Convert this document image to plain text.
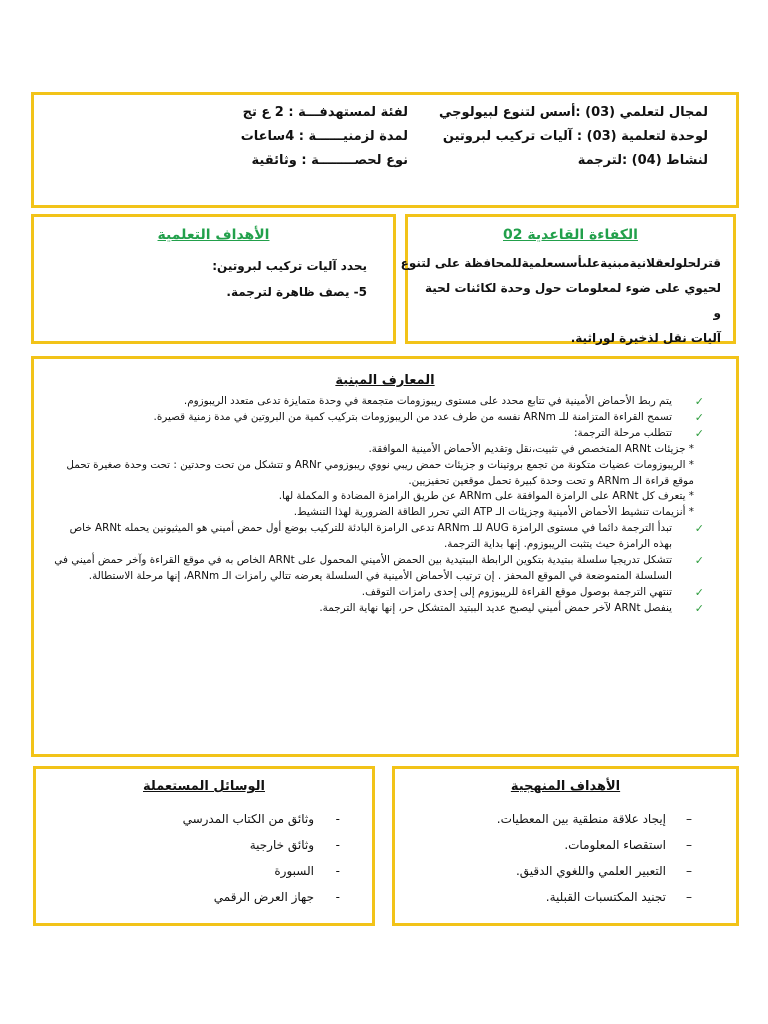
لمجال لتعلمي (03) :أسس لتنوع لبيولوجي
لفئة لمستهدفـــة : 2 ع تج
لوحدة لتعلمية (03) : آليات تركيب لبروتين
لمدة لزمنيــــــة : 4ساعات
لنشاط (04) :لترجمة
نوع لحصــــــــة : وثائقية
الكفاءة القاعدية 02
قترلحلولعقلانيةمبنيةعلىأسسعلميةللمحافظة على لتنوع
لحيوي على ضوء لمعلومات حول وحدة لكائنات لحية و
آليات نقل لذخيرة لوراثية.
الأهداف التعلمية
يحدد آليات تركيب لبروتين:
5- يصف ظاهرة لترجمة.
المعارف المبنية
✓ يتم ربط الأحماض الأمينية في تتابع محدد على مستوى ريبوزومات متجمعة في وحدة متمايزة تدعى متعدد الريبوزوم.
✓ تسمح القراءة المتزامنة للـ ARNm نفسه من طرف عدد من الريبوزومات بتركيب كمية من البروتين في مدة زمنية قصيرة.
✓ تتطلب مرحلة الترجمة:
* جزيئات ARNt المتخصص في تثبيت،نقل وتقديم الأحماض الأمينية الموافقة.
* الريبوزومات عضيات متكونة من تجمع بروتينات و جزيئات حمض ريبي نووي ريبوزومي ARNr و تتشكل من تحت وحدتين : تحت وحدة صغيرة تحمل موقع قراءة الـ ARNm و تحت وحدة كبيرة تحمل موقعين تحفيزيين.
* يتعرف كل ARNt على الرامزة الموافقة على ARNm عن طريق الرامزة المضادة و المكملة لها.
* أنزيمات تنشيط الأحماض الأمينية وجزيئات الـ ATP التي تحرر الطاقة الضرورية لهذا التنشيط.
✓ تبدأ الترجمة دائما في مستوى الرامزة AUG للـ ARNm تدعى الرامزة البادئة للتركيب بوضع أول حمض أميني هو الميثيونين يحمله ARNt خاص بهذه الرامزة حيث يتثبت الريبوزوم. إنها بداية الترجمة.
✓ تتشكل تدريجيا سلسلة ببتيدية بتكوين الرابطة الببتيدية بين الحمض الأميني المحمول على ARNt الخاص به في موقع القراءة وآخر حمض أميني في السلسلة المتموضعة في الموقع المحفز . إن ترتيب الأحماض الأمينية في السلسلة يعرضه تتالي رامزات الـ ARNm، إنها مرحلة الاستطالة.
✓ تنتهي الترجمة بوصول موقع القراءة للريبوزوم إلى إحدى رامزات التوقف.
✓ ينفصل ARNt لآخر حمض أميني ليصبح عديد الببتيد المتشكل حر، إنها نهاية الترجمة.
الأهداف المنهجية
–
إيجاد علاقة منطقية بين المعطيات.
–
استقصاء المعلومات.
–
التعبير العلمي واللغوي الدقيق.
–
تجنيد المكتسبات القبلية.
الوسائل المستعملة
-
وثائق من الكتاب المدرسي
-
وثائق خارجية
-
السبورة
-
جهاز العرض الرقمي
